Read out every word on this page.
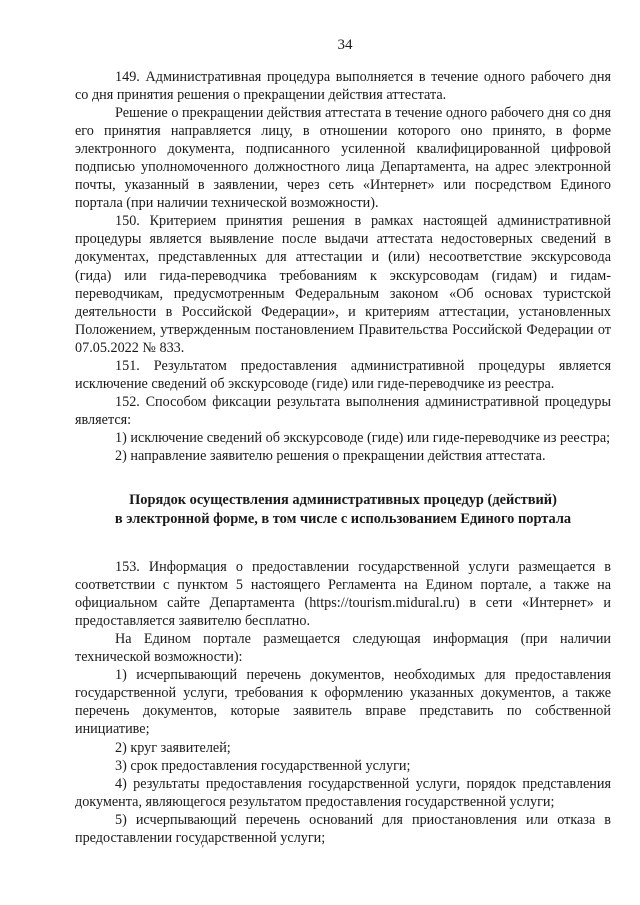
34

149. Административная процедура выполняется в течение одного рабочего дня со дня принятия решения о прекращении действия аттестата.

Решение о прекращении действия аттестата в течение одного рабочего дня со дня его принятия направляется лицу, в отношении которого оно принято, в форме электронного документа, подписанного усиленной квалифицированной цифровой подписью уполномоченного должностного лица Департамента, на адрес электронной почты, указанный в заявлении, через сеть «Интернет» или посредством Единого портала (при наличии технической возможности).

150. Критерием принятия решения в рамках настоящей административной процедуры является выявление после выдачи аттестата недостоверных сведений в документах, представленных для аттестации и (или) несоответствие экскурсовода (гида) или гида-переводчика требованиям к экскурсоводам (гидам) и гидам-переводчикам, предусмотренным Федеральным законом «Об основах туристской деятельности в Российской Федерации», и критериям аттестации, установленных Положением, утвержденным постановлением Правительства Российской Федерации от 07.05.2022 № 833.

151. Результатом предоставления административной процедуры является исключение сведений об экскурсоводе (гиде) или гиде-переводчике из реестра.

152. Способом фиксации результата выполнения административной процедуры является:

1) исключение сведений об экскурсоводе (гиде) или гиде-переводчике из реестра;

2) направление заявителю решения о прекращении действия аттестата.

Порядок осуществления административных процедур (действий)
в электронной форме, в том числе с использованием Единого портала

153. Информация о предоставлении государственной услуги размещается в соответствии с пунктом 5 настоящего Регламента на Едином портале, а также на официальном сайте Департамента (https://tourism.midural.ru) в сети «Интернет» и предоставляется заявителю бесплатно.

На Едином портале размещается следующая информация (при наличии технической возможности):

1) исчерпывающий перечень документов, необходимых для предоставления государственной услуги, требования к оформлению указанных документов, а также перечень документов, которые заявитель вправе представить по собственной инициативе;

2) круг заявителей;

3) срок предоставления государственной услуги;

4) результаты предоставления государственной услуги, порядок представления документа, являющегося результатом предоставления государственной услуги;

5) исчерпывающий перечень оснований для приостановления или отказа в предоставлении государственной услуги;

ʼ
